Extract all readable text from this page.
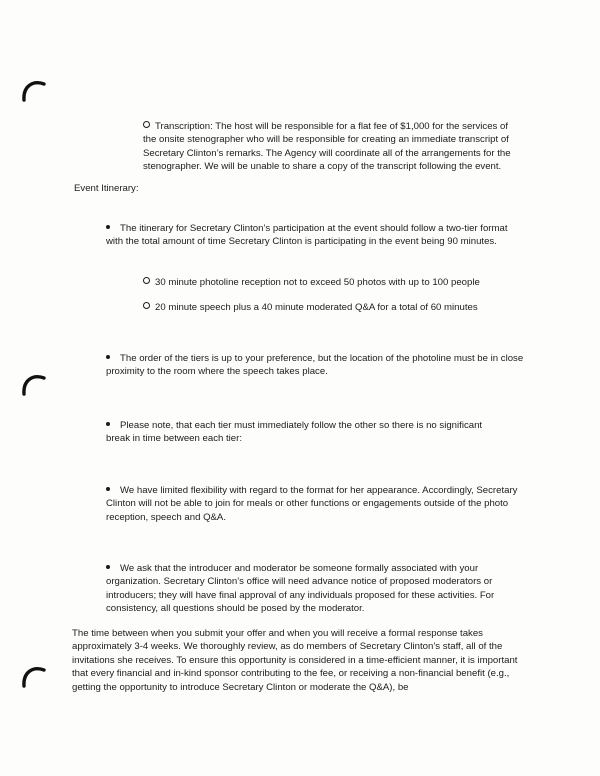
Transcription: The host will be responsible for a flat fee of $1,000 for the services of the onsite stenographer who will be responsible for creating an immediate transcript of Secretary Clinton’s remarks. The Agency will coordinate all of the arrangements for the stenographer. We will be unable to share a copy of the transcript following the event.
Event Itinerary:
The itinerary for Secretary Clinton’s participation at the event should follow a two-tier format with the total amount of time Secretary Clinton is participating in the event being 90 minutes.
30 minute photoline reception not to exceed 50 photos with up to 100 people
20 minute speech plus a 40 minute moderated Q&A for a total of 60 minutes
The order of the tiers is up to your preference, but the location of the photoline must be in close proximity to the room where the speech takes place.
Please note, that each tier must immediately follow the other so there is no significant break in time between each tier:
We have limited flexibility with regard to the format for her appearance. Accordingly, Secretary Clinton will not be able to join for meals or other functions or engagements outside of the photo reception, speech and Q&A.
We ask that the introducer and moderator be someone formally associated with your organization. Secretary Clinton’s office will need advance notice of proposed moderators or introducers; they will have final approval of any individuals proposed for these activities. For consistency, all questions should be posed by the moderator.
The time between when you submit your offer and when you will receive a formal response takes approximately 3-4 weeks. We thoroughly review, as do members of Secretary Clinton’s staff, all of the invitations she receives. To ensure this opportunity is considered in a time-efficient manner, it is important that every financial and in-kind sponsor contributing to the fee, or receiving a non-financial benefit (e.g., getting the opportunity to introduce Secretary Clinton or moderate the Q&A), be
